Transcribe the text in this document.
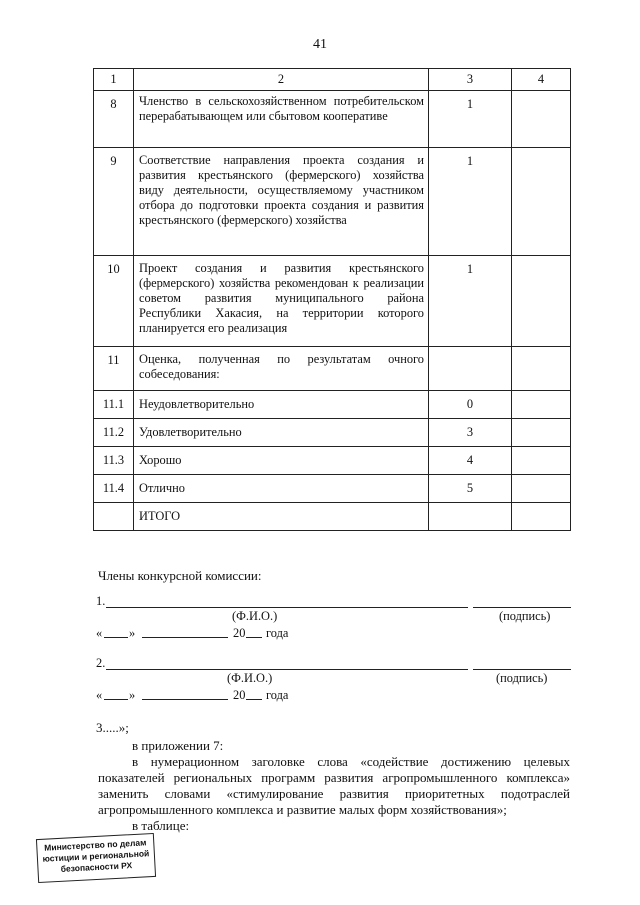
41
1	2	3	4
8	Членство в сельскохозяйственном потребительском перерабатывающем или сбытовом кооперативе	1	
9	Соответствие направления проекта создания и развития крестьянского (фермерского) хозяйства виду деятельности, осуществляемому участником отбора до подготовки проекта создания и развития крестьянского (фермерского) хозяйства	1	
10	Проект создания и развития крестьянского (фермерского) хозяйства рекомендован к реализации советом развития муниципального района Республики Хакасия, на территории которого планируется его реализация	1	
11	Оценка, полученная по результатам очного собеседования:		
11.1	Неудовлетворительно	0	
11.2	Удовлетворительно	3	
11.3	Хорошо	4	
11.4	Отлично	5	
	ИТОГО		
Члены конкурсной комиссии:
1.
(Ф.И.О.)	(подпись)
« »	20 года
2.
(Ф.И.О.)	(подпись)
« »	20 года
3.....»;
в приложении 7:
в нумерационном заголовке слова «содействие достижению целевых показателей региональных программ развития агропромышленного комплекса» заменить словами «стимулирование развития приоритетных подотраслей агропромышленного комплекса и развитие малых форм хозяйствования»;
в таблице:
Министерство по делам
юстиции и региональной
безопасности РХ
